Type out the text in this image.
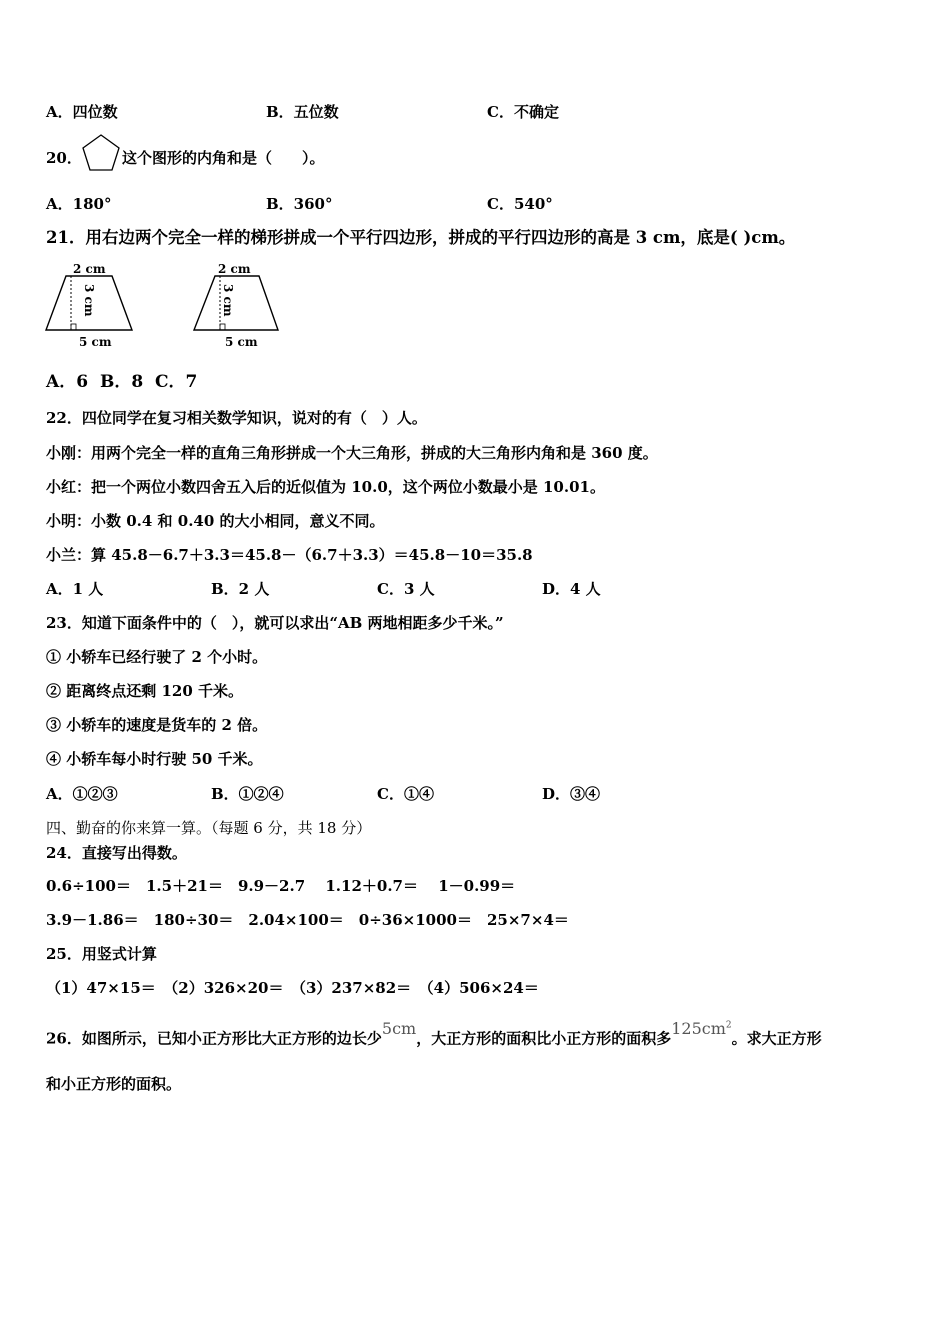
A．四位数	B．五位数	C．不确定
20．	这个图形的内角和是（　　）。
A．180°	B．360°	C．540°
21．用右边两个完全一样的梯形拼成一个平行四边形，拼成的平行四边形的高是 3 cm，底是( )cm。
2 cm
3 cm
5 cm
2 cm
3 cm
5 cm
A．6 B．8 C．7
22．四位同学在复习相关数学知识，说对的有（　）人。
小刚：用两个完全一样的直角三角形拼成一个大三角形，拼成的大三角形内角和是 360 度。
小红：把一个两位小数四舍五入后的近似值为 10.0，这个两位小数最小是 10.01。
小明：小数 0.4 和 0.40 的大小相同，意义不同。
小兰：算 45.8－6.7＋3.3＝45.8－（6.7＋3.3）＝45.8－10＝35.8
A．1 人	B．2 人	C．3 人	D．4 人
23．知道下面条件中的（　），就可以求出“AB 两地相距多少千米。”
① 小轿车已经行驶了 2 个小时。
② 距离终点还剩 120 千米。
③ 小轿车的速度是货车的 2 倍。
④ 小轿车每小时行驶 50 千米。
A．①②③	B．①②④	C．①④	D．③④
四、勤奋的你来算一算。（每题 6 分，共 18 分）
24．直接写出得数。
0.6÷100＝　1.5＋21＝　9.9－2.7　 1.12＋0.7＝　 1－0.99＝
3.9－1.86＝　180÷30＝　2.04×100＝　0÷36×1000＝　25×7×4＝
25．用竖式计算
（1）47×15＝　（2）326×20＝　（3）237×82＝　（4）506×24＝
26．如图所示，已知小正方形比大正方形的边长少5cm，大正方形的面积比小正方形的面积多$125cm^2$。求大正方形
和小正方形的面积。
